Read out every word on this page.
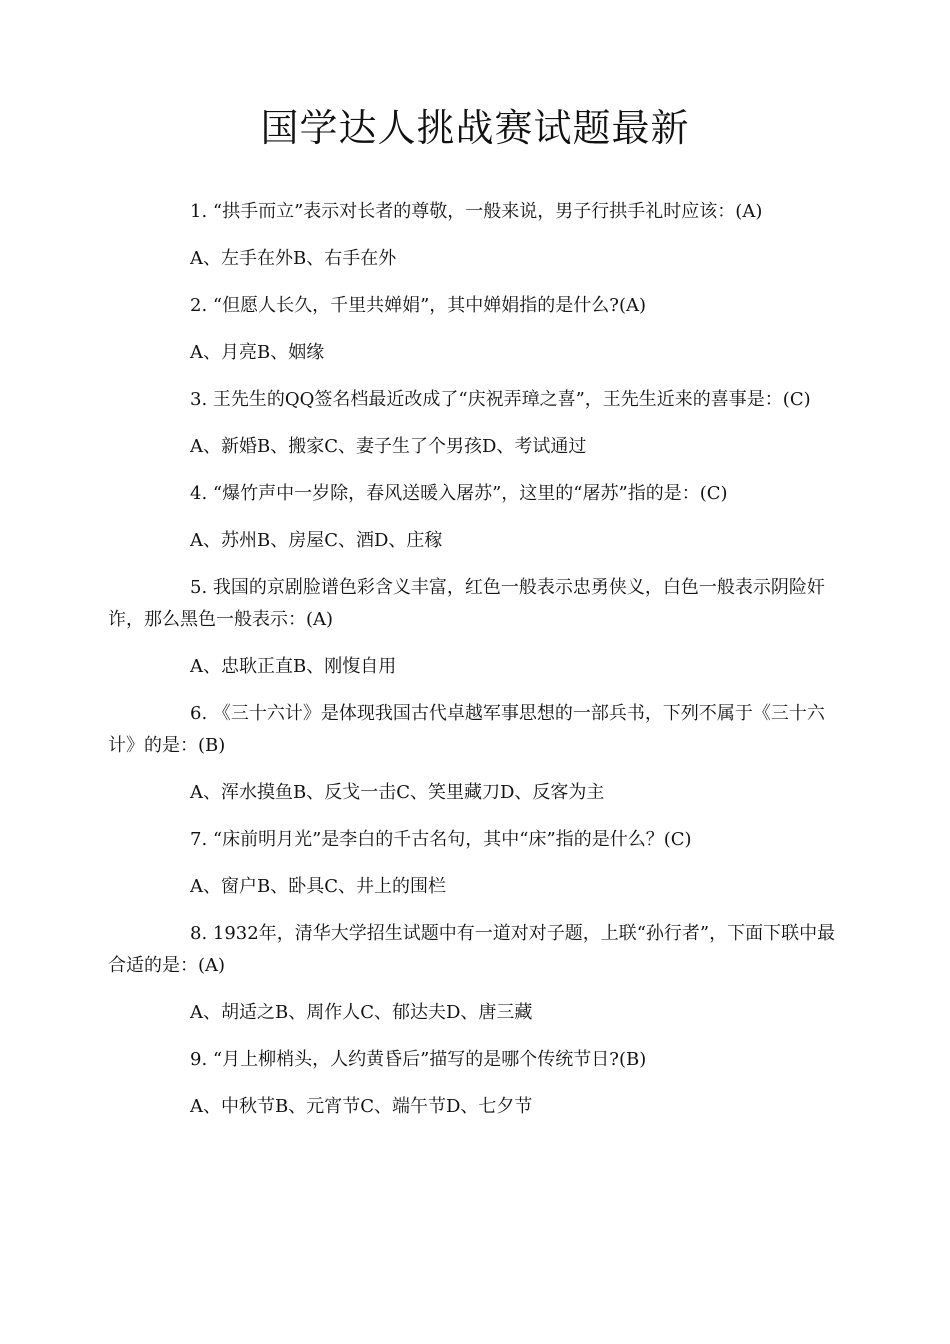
国学达人挑战赛试题最新

1. “拱手而立”表示对长者的尊敬，一般来说，男子行拱手礼时应该：(A)

A、左手在外B、右手在外

2. “但愿人长久，千里共婵娟”，其中婵娟指的是什么?(A)

A、月亮B、姻缘

3. 王先生的QQ签名档最近改成了“庆祝弄璋之喜”，王先生近来的喜事是：(C)

A、新婚B、搬家C、妻子生了个男孩D、考试通过

4. “爆竹声中一岁除，春风送暖入屠苏”，这里的“屠苏”指的是：(C)

A、苏州B、房屋C、酒D、庄稼

5. 我国的京剧脸谱色彩含义丰富，红色一般表示忠勇侠义，白色一般表示阴险奸诈，那么黑色一般表示：(A)

A、忠耿正直B、刚愎自用

6. 《三十六计》是体现我国古代卓越军事思想的一部兵书，下列不属于《三十六计》的是：(B)

A、浑水摸鱼B、反戈一击C、笑里藏刀D、反客为主

7. “床前明月光”是李白的千古名句，其中“床”指的是什么？(C)

A、窗户B、卧具C、井上的围栏

8. 1932年，清华大学招生试题中有一道对对子题，上联“孙行者”，下面下联中最合适的是：(A)

A、胡适之B、周作人C、郁达夫D、唐三藏

9. “月上柳梢头，人约黄昏后”描写的是哪个传统节日?(B)

A、中秋节B、元宵节C、端午节D、七夕节
